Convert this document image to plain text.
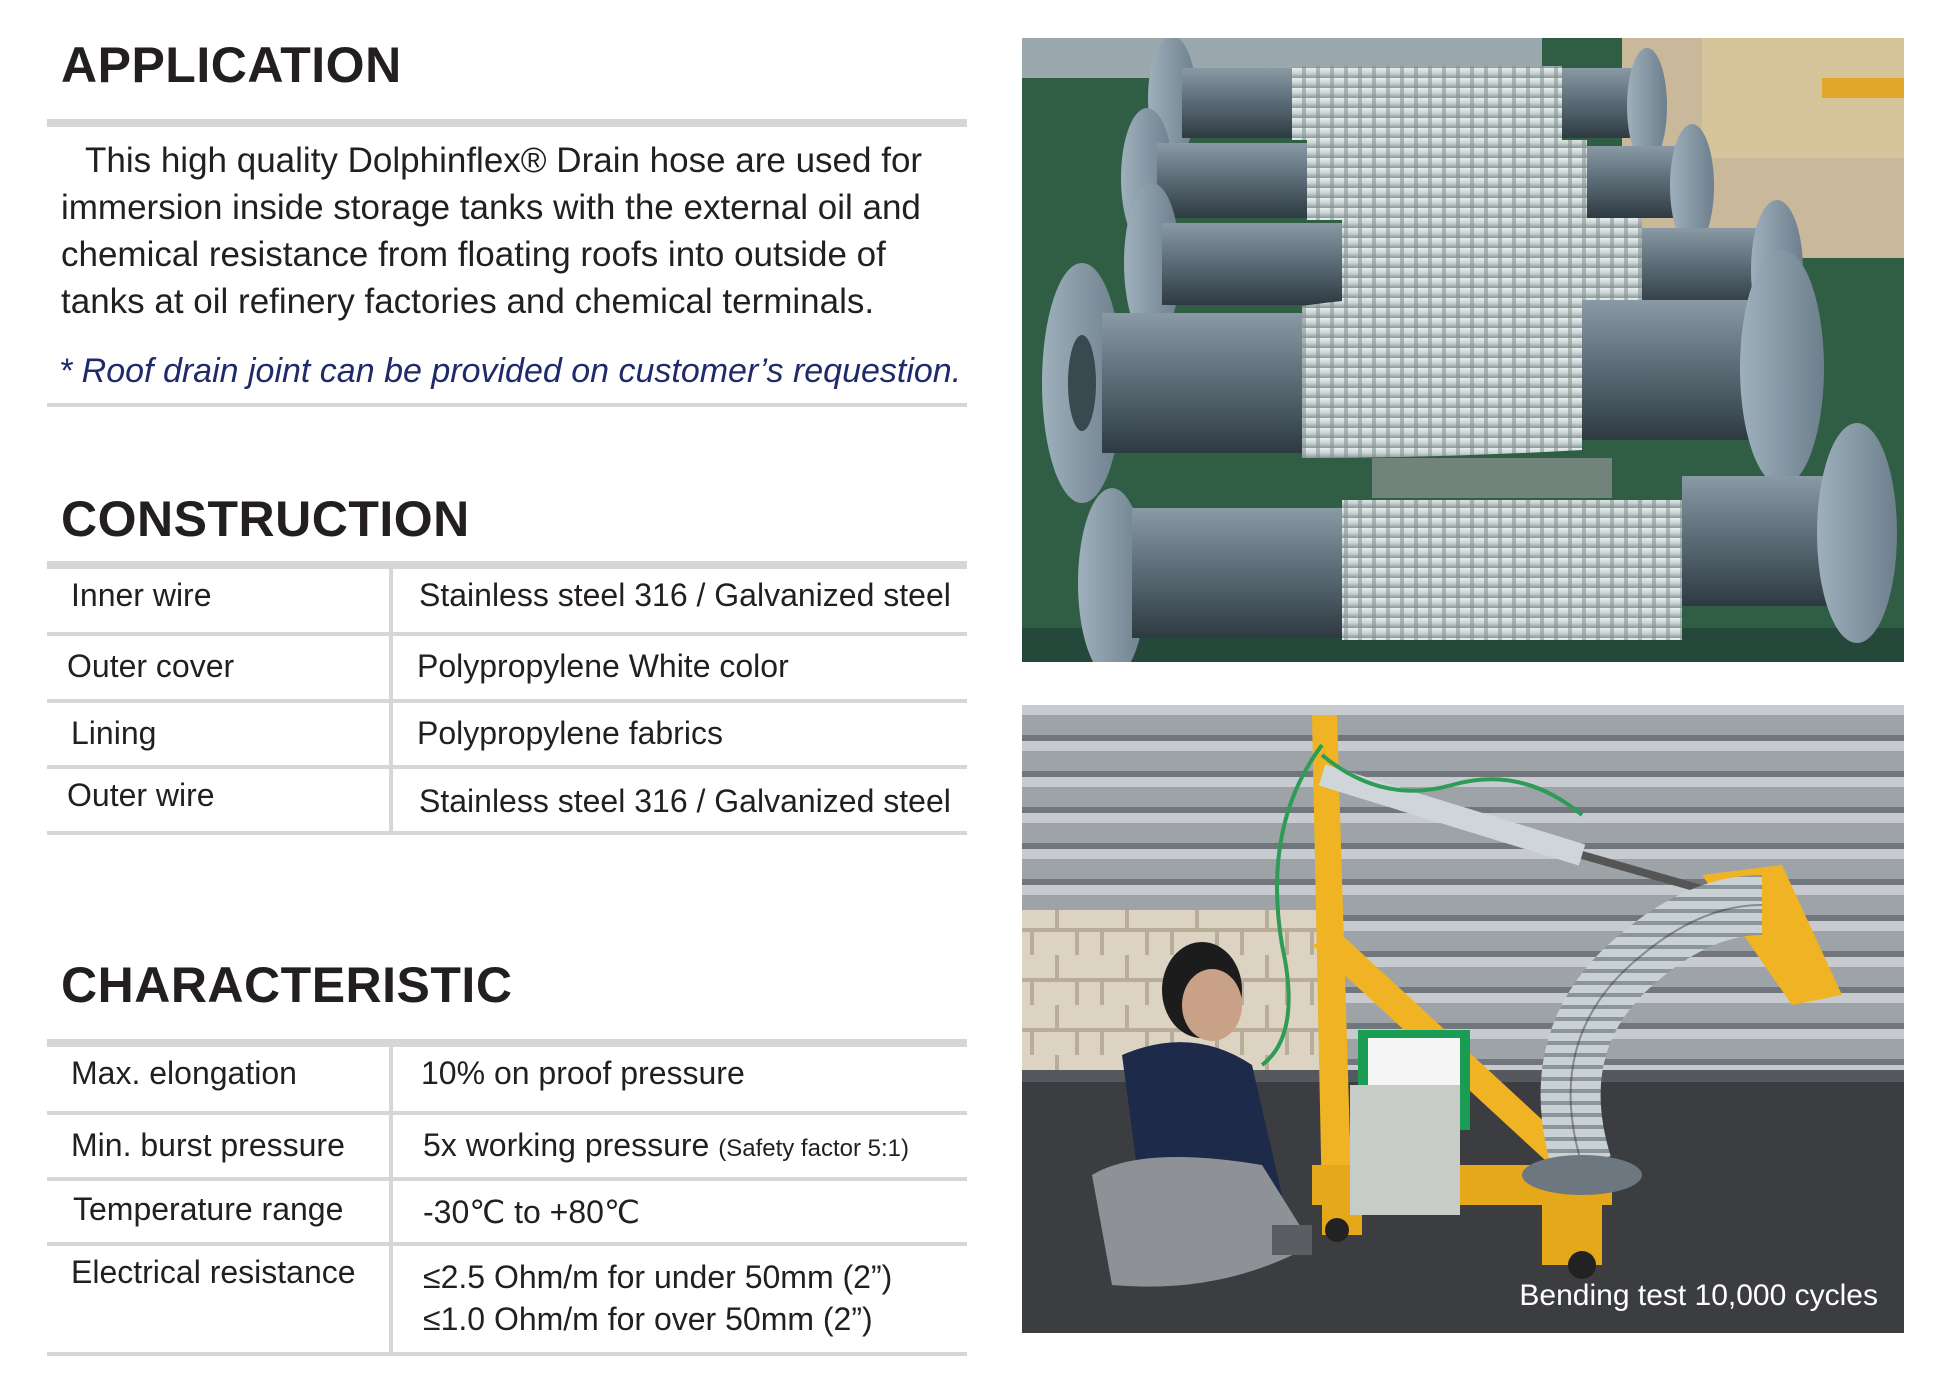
APPLICATION
This high quality Dolphinflex® Drain hose are used for immersion inside storage tanks with the external oil and chemical resistance from floating roofs into outside of tanks at oil refinery factories and chemical terminals.
* Roof drain joint can be provided on customer’s requestion.
CONSTRUCTION
Inner wire	Stainless steel 316 / Galvanized steel
Outer cover	Polypropylene White color
Lining	Polypropylene fabrics
Outer wire	Stainless steel 316 / Galvanized steel
CHARACTERISTIC
Max. elongation	10% on proof pressure
Min. burst pressure	5x working pressure (Safety factor 5:1)
Temperature range	-30℃ to +80℃
Electrical resistance	≤2.5 Ohm/m for under 50mm (2”)
≤1.0 Ohm/m for over 50mm (2”)
Bending test 10,000 cycles
